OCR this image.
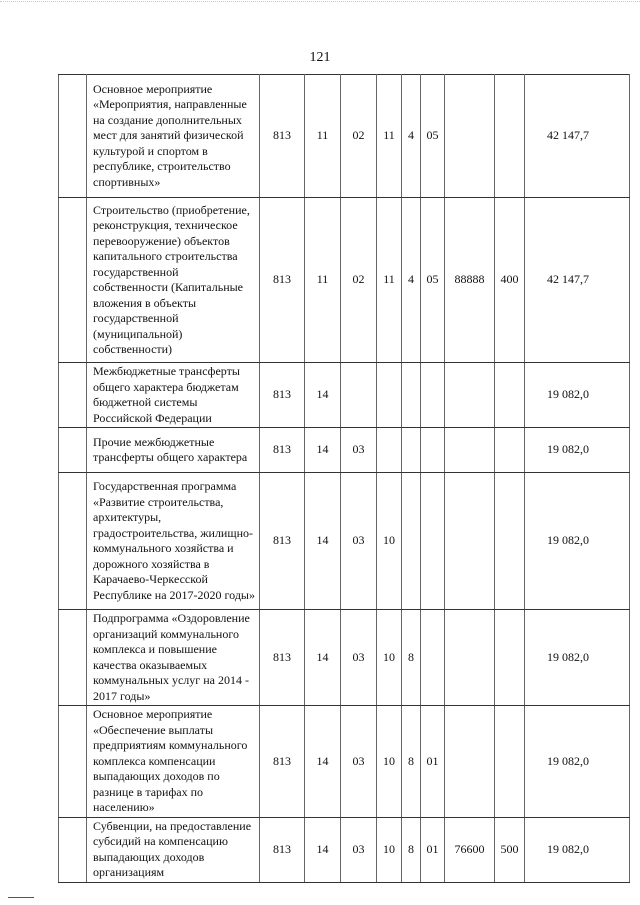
121
	Основное мероприятие «Мероприятия, направленные на создание дополнительных мест для занятий физической культурой и спортом в республике, строительство спортивных»	813	11	02	11	4	05			42 147,7
	Строительство (приобретение, реконструкция, техническое перевооружение) объектов капитального строительства государственной собственности (Капитальные вложения в объекты государственной (муниципальной) собственности)	813	11	02	11	4	05	88888	400	42 147,7
	Межбюджетные трансферты общего характера бюджетам бюджетной системы Российской Федерации	813	14							19 082,0
	Прочие межбюджетные трансферты общего характера	813	14	03						19 082,0
	Государственная программа «Развитие строительства, архитектуры, градостроительства, жилищно-коммунального хозяйства и дорожного хозяйства в Карачаево-Черкесской Республике на 2017-2020 годы»	813	14	03	10					19 082,0
	Подпрограмма «Оздоровление организаций коммунального комплекса и повышение качества оказываемых коммунальных услуг на 2014 - 2017 годы»	813	14	03	10	8				19 082,0
	Основное мероприятие «Обеспечение выплаты предприятиям коммунального комплекса компенсации выпадающих доходов по разнице в тарифах по населению»	813	14	03	10	8	01			19 082,0
	Субвенции, на предоставление субсидий на компенсацию выпадающих доходов организациям	813	14	03	10	8	01	76600	500	19 082,0
